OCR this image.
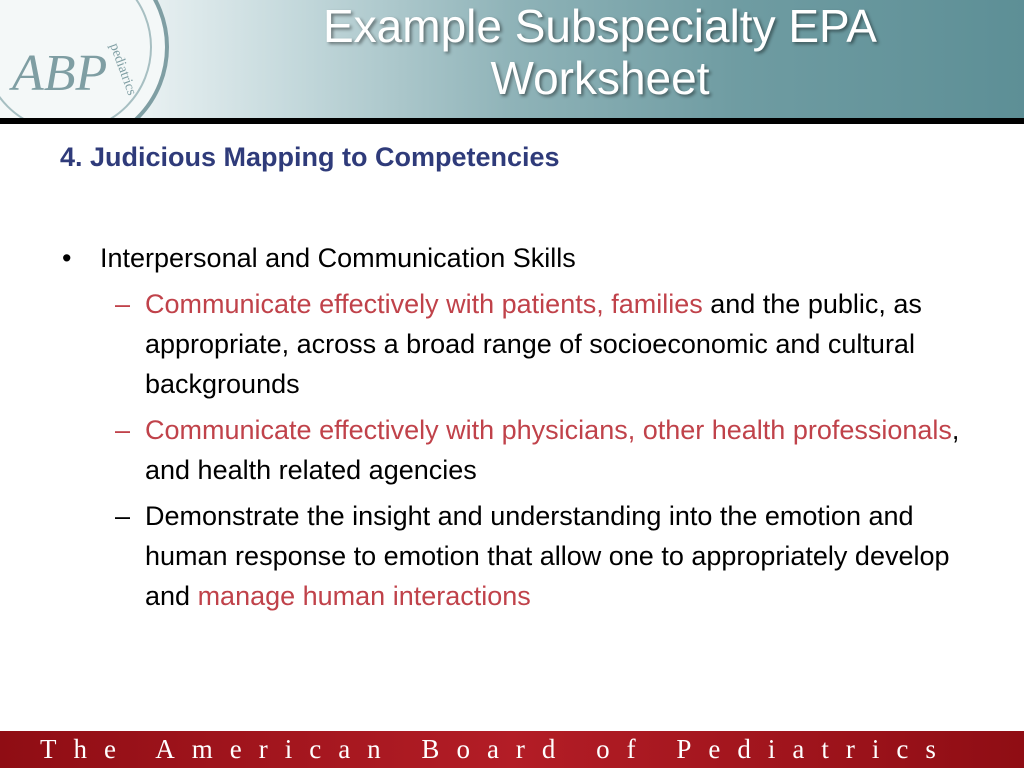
ABP
pediatrics
Example Subspecialty EPA
Worksheet
4. Judicious Mapping to Competencies

• Interpersonal and Communication Skills

– Communicate effectively with patients, families and the public, as appropriate, across a broad range of socioeconomic and cultural backgrounds

– Communicate effectively with physicians, other health professionals, and health related agencies

– Demonstrate the insight and understanding into the emotion and human response to emotion that allow one to appropriately develop and manage human interactions

The American Board of Pediatrics
